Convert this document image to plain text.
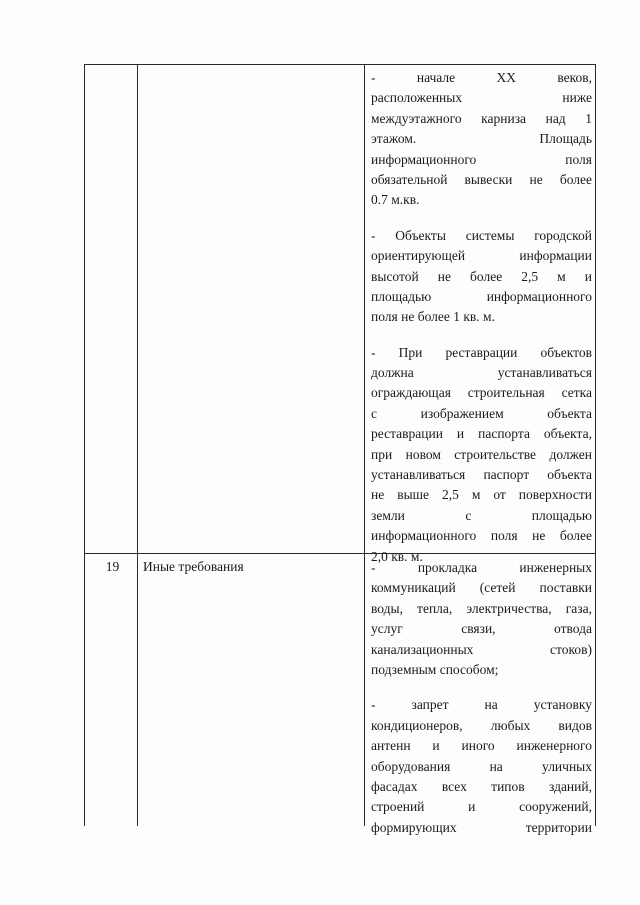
- начале XX веков,
расположенных ниже
междуэтажного карниза над 1
этажом. Площадь
информационного поля
обязательной вывески не более
0.7 м.кв.
- Объекты системы городской
ориентирующей информации
высотой не более 2,5 м и
площадью информационного
поля не более 1 кв. м.
- При реставрации объектов
должна устанавливаться
ограждающая строительная сетка
с изображением объекта
реставрации и паспорта объекта,
при новом строительстве должен
устанавливаться паспорт объекта
не выше 2,5 м от поверхности
земли с площадью
информационного поля не более
2,0 кв. м.
19	Иные требования	- прокладка инженерных
коммуникаций (сетей поставки
воды, тепла, электричества, газа,
услуг связи, отвода
канализационных стоков)
подземным способом;
- запрет на установку
кондиционеров, любых видов
антенн и иного инженерного
оборудования на уличных
фасадах всех типов зданий,
строений и сооружений,
формирующих территории
